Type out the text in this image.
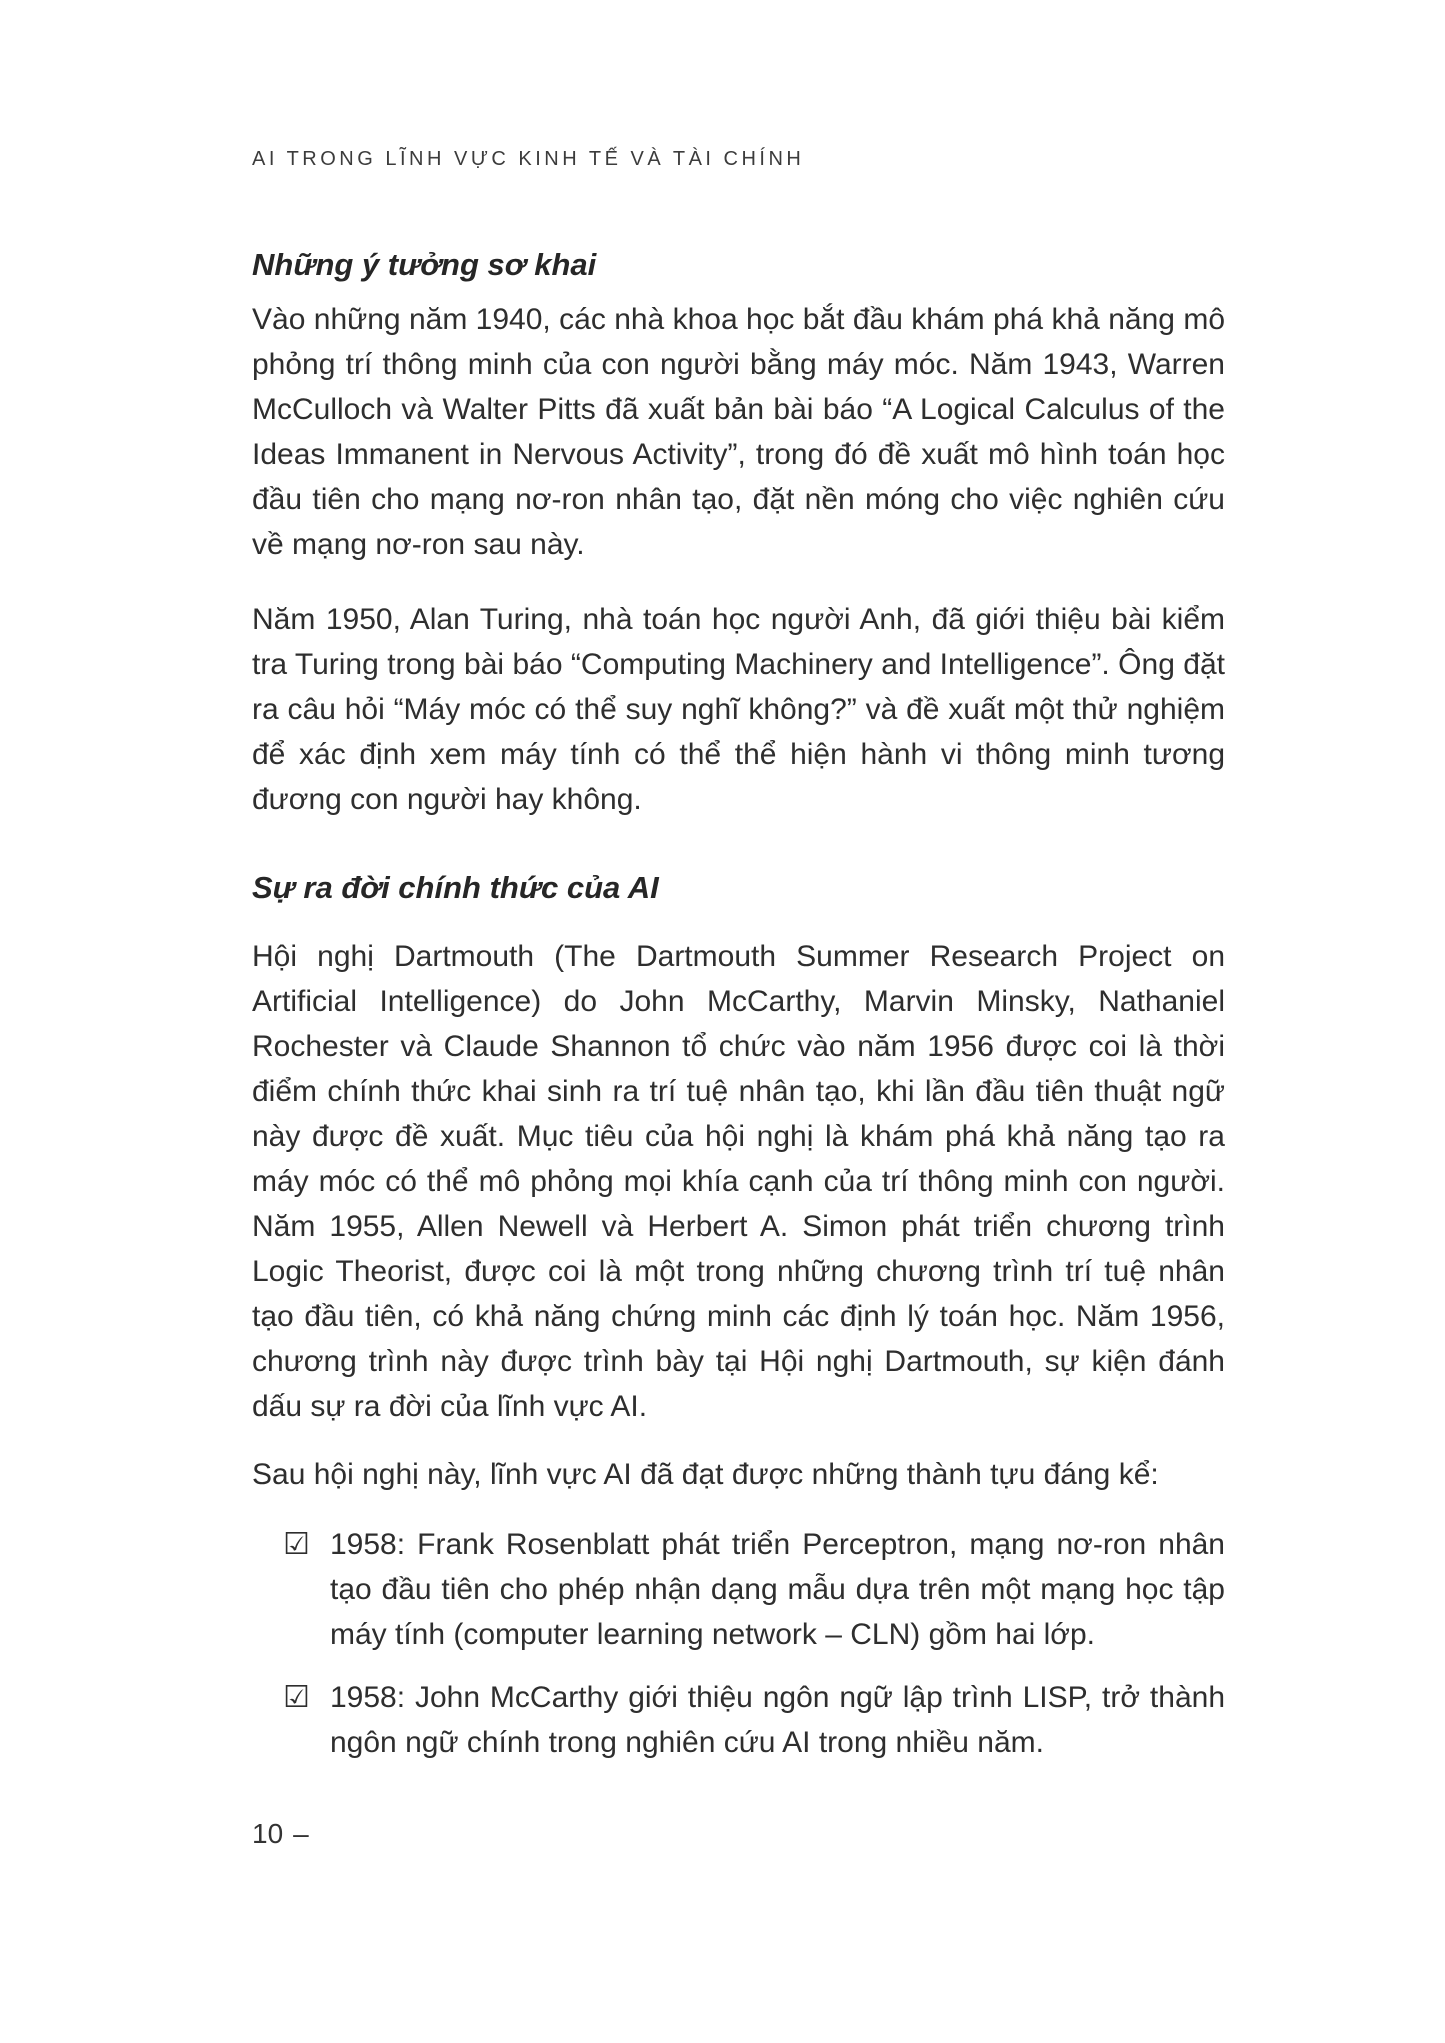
AI TRONG LĨNH VỰC KINH TẾ VÀ TÀI CHÍNH
Những ý tưởng sơ khai

Vào những năm 1940, các nhà khoa học bắt đầu khám phá khả năng mô phỏng trí thông minh của con người bằng máy móc. Năm 1943, Warren McCulloch và Walter Pitts đã xuất bản bài báo “A Logical Calculus of the Ideas Immanent in Nervous Activity”, trong đó đề xuất mô hình toán học đầu tiên cho mạng nơ-ron nhân tạo, đặt nền móng cho việc nghiên cứu về mạng nơ-ron sau này.

Năm 1950, Alan Turing, nhà toán học người Anh, đã giới thiệu bài kiểm tra Turing trong bài báo “Computing Machinery and Intelligence”. Ông đặt ra câu hỏi “Máy móc có thể suy nghĩ không?” và đề xuất một thử nghiệm để xác định xem máy tính có thể thể hiện hành vi thông minh tương đương con người hay không.

Sự ra đời chính thức của AI

Hội nghị Dartmouth (The Dartmouth Summer Research Project on Artificial Intelligence) do John McCarthy, Marvin Minsky, Nathaniel Rochester và Claude Shannon tổ chức vào năm 1956 được coi là thời điểm chính thức khai sinh ra trí tuệ nhân tạo, khi lần đầu tiên thuật ngữ này được đề xuất. Mục tiêu của hội nghị là khám phá khả năng tạo ra máy móc có thể mô phỏng mọi khía cạnh của trí thông minh con người. Năm 1955, Allen Newell và Herbert A. Simon phát triển chương trình Logic Theorist, được coi là một trong những chương trình trí tuệ nhân tạo đầu tiên, có khả năng chứng minh các định lý toán học. Năm 1956, chương trình này được trình bày tại Hội nghị Dartmouth, sự kiện đánh dấu sự ra đời của lĩnh vực AI.

Sau hội nghị này, lĩnh vực AI đã đạt được những thành tựu đáng kể:

☑ 1958: Frank Rosenblatt phát triển Perceptron, mạng nơ-ron nhân tạo đầu tiên cho phép nhận dạng mẫu dựa trên một mạng học tập máy tính (computer learning network – CLN) gồm hai lớp.
☑ 1958: John McCarthy giới thiệu ngôn ngữ lập trình LISP, trở thành ngôn ngữ chính trong nghiên cứu AI trong nhiều năm.
10 –
